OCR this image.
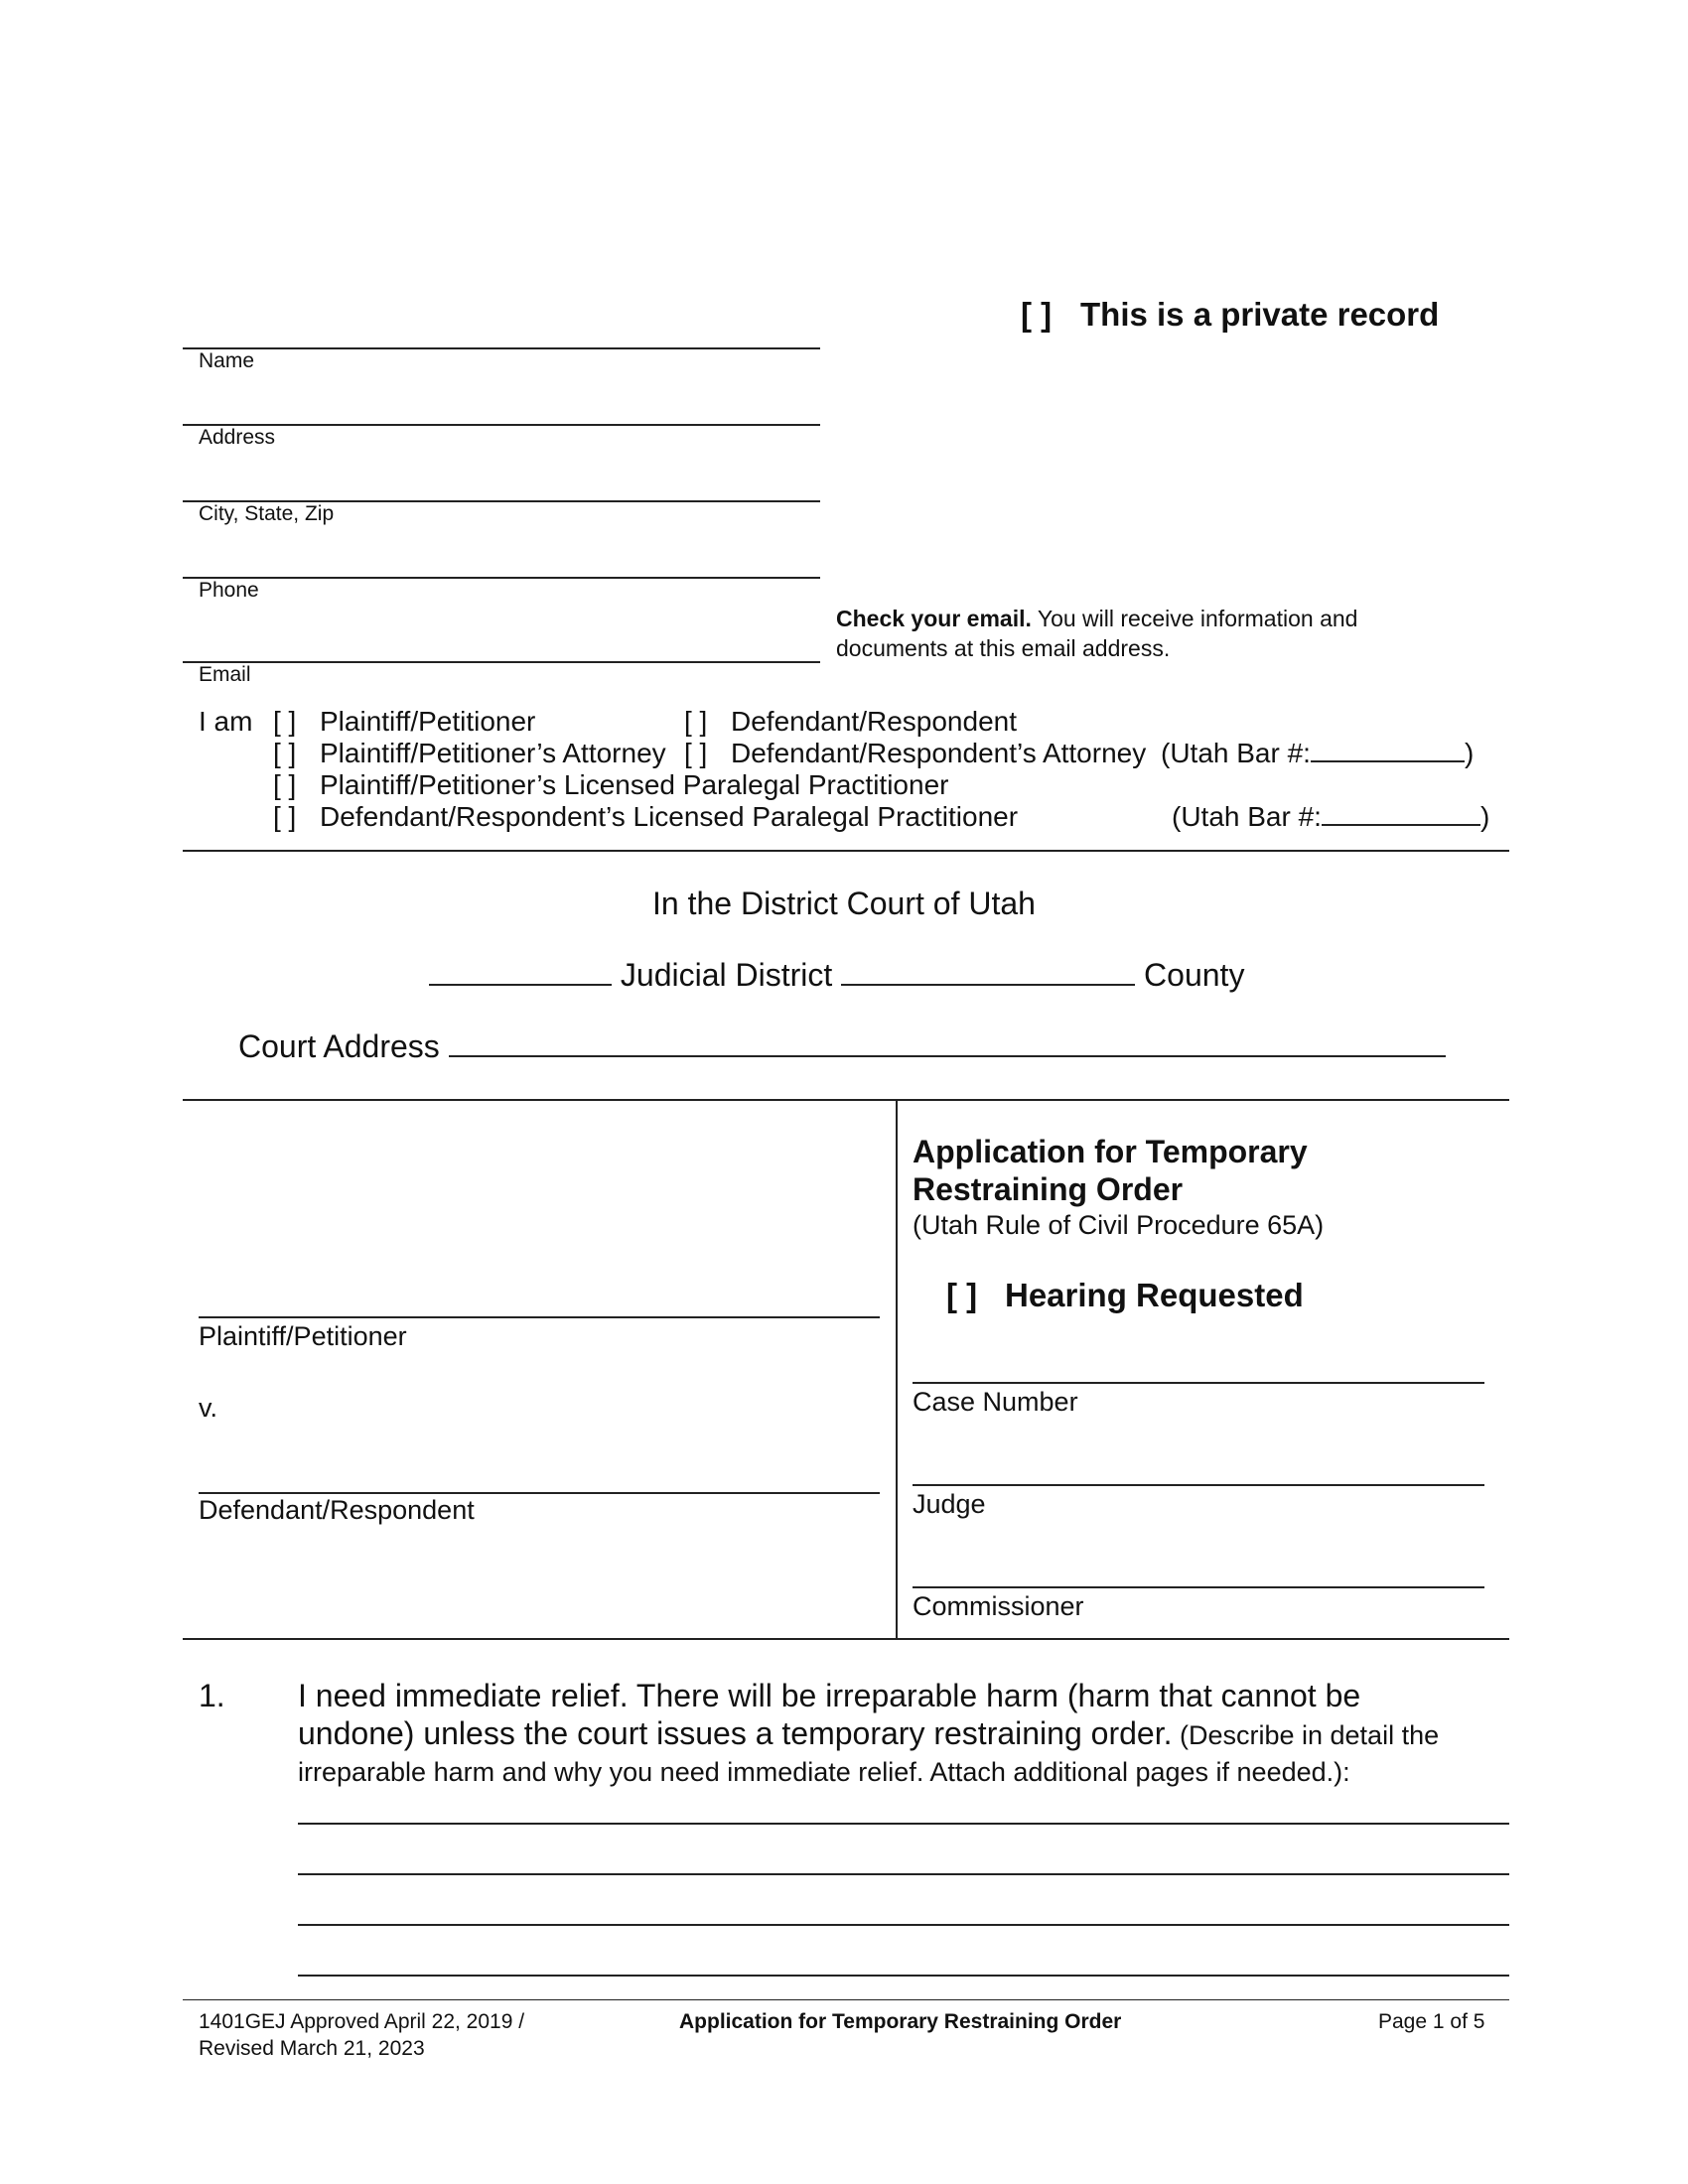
[ ] This is a private record
Name
Address
City, State, Zip
Phone
Email
Check your email. You will receive information and
documents at this email address.
I am [ ] Plaintiff/Petitioner	[ ] Defendant/Respondent
[ ] Plaintiff/Petitioner’s Attorney [ ] Defendant/Respondent’s Attorney (Utah Bar #:	)
[ ] Plaintiff/Petitioner’s Licensed Paralegal Practitioner
[ ] Defendant/Respondent’s Licensed Paralegal Practitioner	(Utah Bar #:	)
In the District Court of Utah
Judicial District	County
Court Address
Plaintiff/Petitioner
v.
Defendant/Respondent
Application for Temporary
Restraining Order
(Utah Rule of Civil Procedure 65A)
[ ] Hearing Requested
Case Number
Judge
Commissioner
1. I need immediate relief. There will be irreparable harm (harm that cannot be
undone) unless the court issues a temporary restraining order. (Describe in detail the
irreparable harm and why you need immediate relief. Attach additional pages if needed.):
1401GEJ Approved April 22, 2019 /
Revised March 21, 2023
Application for Temporary Restraining Order	Page 1 of 5
